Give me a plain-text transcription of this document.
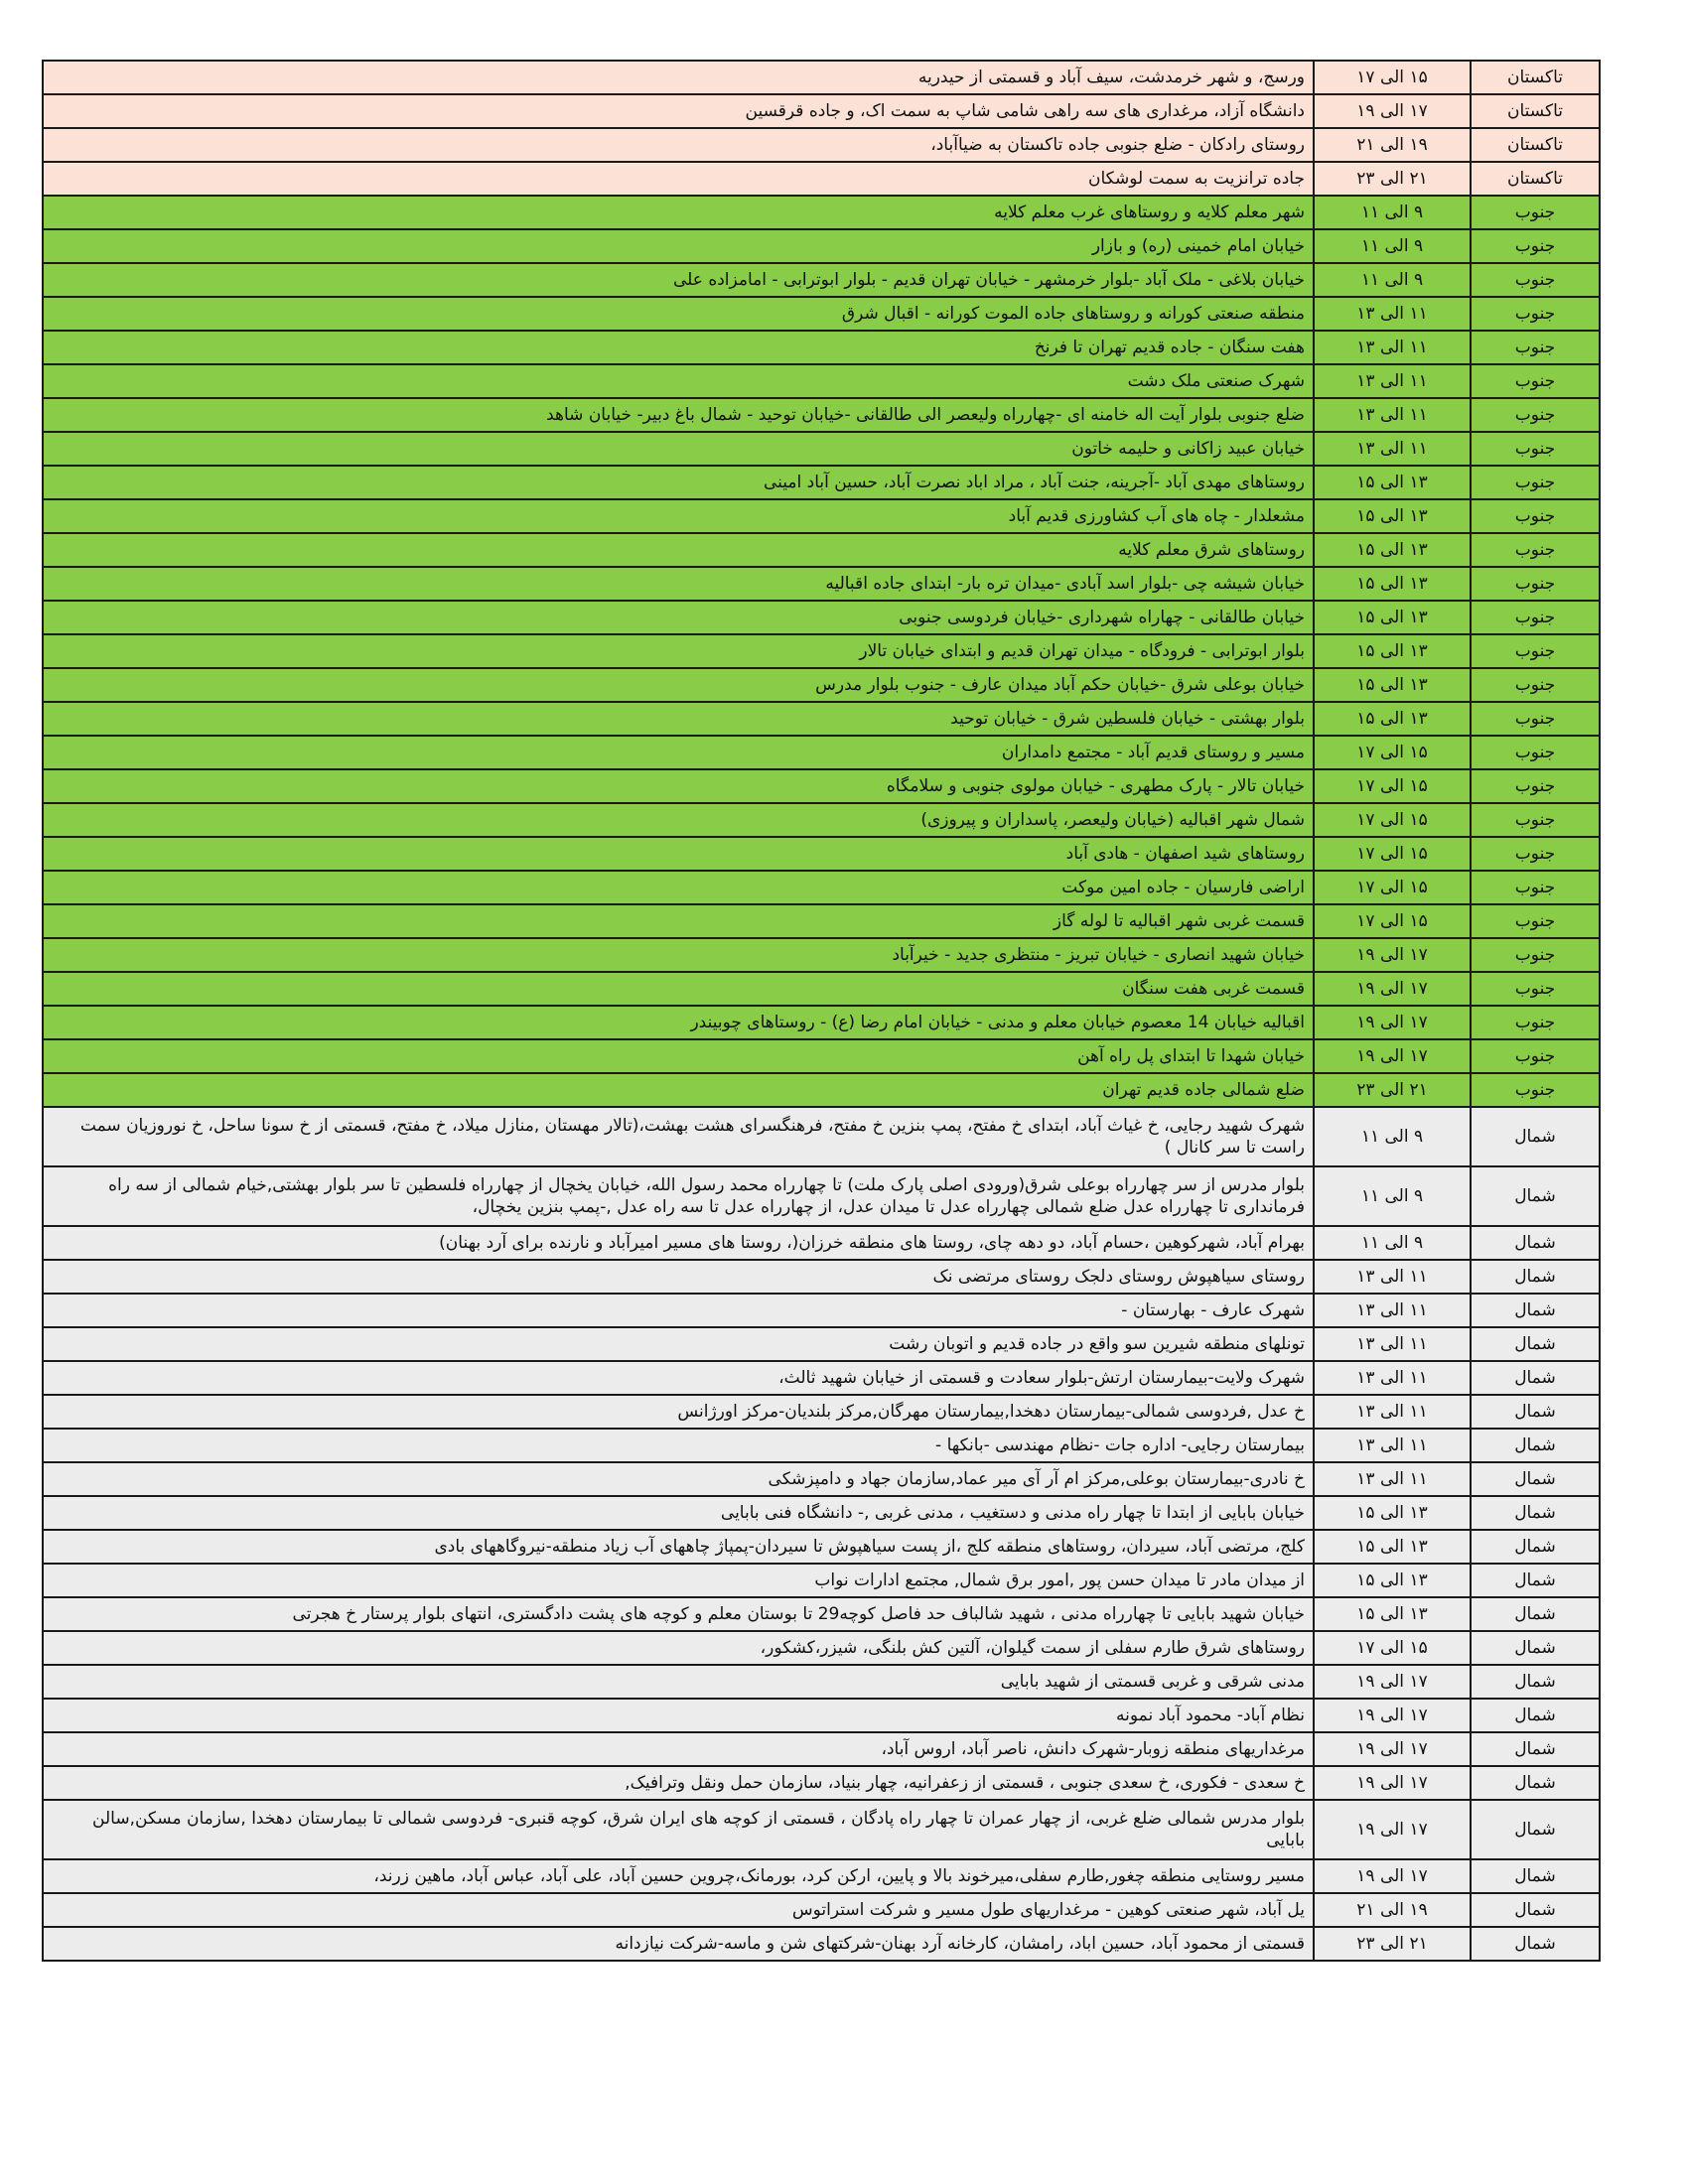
تاکستان	۱۵ الی ۱۷	ورسج، و شهر خرمدشت، سیف آباد و قسمتی از حیدریه
تاکستان	۱۷ الی ۱۹	دانشگاه آزاد، مرغداری های سه راهی شامی شاپ به سمت اک، و جاده قرقسین
تاکستان	۱۹ الی ۲۱	روستای رادکان - ضلع جنوبی جاده تاکستان به ضیاآباد،
تاکستان	۲۱ الی ۲۳	جاده ترانزیت به سمت لوشکان
جنوب	۹ الی ۱۱	شهر معلم کلایه و روستاهای غرب معلم کلایه
جنوب	۹ الی ۱۱	خیابان امام خمینی (ره) و بازار
جنوب	۹ الی ۱۱	خیابان بلاغی - ملک آباد -بلوار خرمشهر - خیابان تهران قدیم - بلوار ابوترابی - امامزاده علی
جنوب	۱۱ الی ۱۳	منطقه صنعتی کورانه و روستاهای جاده الموت کورانه - اقبال شرق
جنوب	۱۱ الی ۱۳	هفت سنگان - جاده قدیم تهران تا فرنخ
جنوب	۱۱ الی ۱۳	شهرک صنعتی ملک دشت
جنوب	۱۱ الی ۱۳	ضلع جنوبی بلوار آیت اله خامنه ای -چهارراه ولیعصر الی طالقانی -خیابان توحید - شمال باغ دبیر- خیابان شاهد
جنوب	۱۱ الی ۱۳	خیابان عبید زاکانی و حلیمه خاتون
جنوب	۱۳ الی ۱۵	روستاهای مهدی آباد -آجرینه، جنت آباد ، مراد اباد نصرت آباد، حسین آباد امینی
جنوب	۱۳ الی ۱۵	مشعلدار - چاه های آب کشاورزی قدیم آباد
جنوب	۱۳ الی ۱۵	روستاهای شرق معلم کلایه
جنوب	۱۳ الی ۱۵	خیابان شیشه چی -بلوار اسد آبادی -میدان تره بار- ابتدای جاده اقبالیه
جنوب	۱۳ الی ۱۵	خیابان طالقانی - چهاراه شهرداری -خیابان فردوسی جنوبی
جنوب	۱۳ الی ۱۵	بلوار ابوترابی - فرودگاه - میدان تهران قدیم و ابتدای خیابان تالار
جنوب	۱۳ الی ۱۵	خیابان بوعلی شرق -خیابان حکم آباد میدان عارف - جنوب بلوار مدرس
جنوب	۱۳ الی ۱۵	بلوار بهشتی - خیابان فلسطین شرق - خیابان توحید
جنوب	۱۵ الی ۱۷	مسیر و روستای قدیم آباد - مجتمع دامداران
جنوب	۱۵ الی ۱۷	خیابان تالار - پارک مطهری - خیابان مولوی جنوبی و سلامگاه
جنوب	۱۵ الی ۱۷	شمال شهر اقبالیه (خیابان ولیعصر، پاسداران و پیروزی)
جنوب	۱۵ الی ۱۷	روستاهای شید اصفهان - هادی آباد
جنوب	۱۵ الی ۱۷	اراضی فارسیان - جاده امین موکت
جنوب	۱۵ الی ۱۷	قسمت غربی شهر اقبالیه تا لوله گاز
جنوب	۱۷ الی ۱۹	خیابان شهید انصاری - خیابان تبریز - منتظری جدید - خیرآباد
جنوب	۱۷ الی ۱۹	قسمت غربی هفت سنگان
جنوب	۱۷ الی ۱۹	اقبالیه خیابان 14 معصوم خیابان معلم و مدنی - خیابان امام رضا (ع) - روستاهای چوبیندر
جنوب	۱۷ الی ۱۹	خیابان شهدا تا ابتدای پل راه آهن
جنوب	۲۱ الی ۲۳	ضلع شمالی جاده قدیم تهران
شمال	۹ الی ۱۱	شهرک شهید رجایی، خ غیاث آباد، ابتدای خ مفتح، پمپ بنزین خ مفتح، فرهنگسرای هشت بهشت،(تالار مهستان ,منازل میلاد، خ مفتح، قسمتی از خ سونا ساحل، خ نوروزیان سمت راست تا سر کانال )
شمال	۹ الی ۱۱	بلوار مدرس از سر چهارراه بوعلی شرق(ورودی اصلی پارک ملت) تا چهارراه محمد رسول الله، خیابان یخچال از چهارراه فلسطین تا سر بلوار بهشتی,خیام شمالی از سه راه فرمانداری تا چهارراه عدل ضلع شمالی چهارراه عدل تا میدان عدل، از چهارراه عدل تا سه راه عدل ,-پمپ بنزین یخچال،
شمال	۹ الی ۱۱	بهرام آباد، شهرکوهین ،حسام آباد، دو دهه چای، روستا های منطقه خرزان(، روستا های مسیر امیرآباد و نارنده برای آرد بهنان)
شمال	۱۱ الی ۱۳	روستای سیاهپوش روستای دلجک روستای مرتضی نک
شمال	۱۱ الی ۱۳	شهرک عارف - بهارستان -
شمال	۱۱ الی ۱۳	تونلهای منطقه شیرین سو واقع در جاده قدیم و اتوبان رشت
شمال	۱۱ الی ۱۳	شهرک ولایت-بیمارستان ارتش-بلوار سعادت و قسمتی از خیابان شهید ثالث،
شمال	۱۱ الی ۱۳	خ عدل ,فردوسی شمالی-بیمارستان دهخدا,بیمارستان مهرگان,مرکز بلندیان-مرکز اورژانس
شمال	۱۱ الی ۱۳	بیمارستان رجایی- اداره جات -نظام مهندسی -بانکها -
شمال	۱۱ الی ۱۳	خ نادری-بیمارستان بوعلی,مرکز ام آر آی میر عماد,سازمان جهاد و دامپزشکی
شمال	۱۳ الی ۱۵	خیابان بابایی از ابتدا تا چهار راه مدنی و دستغیب ، مدنی غربی ,- دانشگاه فنی بابایی
شمال	۱۳ الی ۱۵	کلج، مرتضی آباد، سیردان، روستاهای منطقه کلج ،از پست سیاهپوش تا سیردان-پمپاژ چاههای آب زیاد منطقه-نیروگاههای بادی
شمال	۱۳ الی ۱۵	از میدان مادر تا میدان حسن پور ,امور برق شمال, مجتمع ادارات نواب
شمال	۱۳ الی ۱۵	خیابان شهید بابایی تا چهارراه مدنی ، شهید شالباف حد فاصل کوچه29 تا بوستان معلم و کوچه های پشت دادگستری، انتهای بلوار پرستار خ هجرتی
شمال	۱۵ الی ۱۷	روستاهای شرق طارم سفلی از سمت گیلوان، آلتین کش بلنگی، شیزر،کشکور،
شمال	۱۷ الی ۱۹	مدنی شرقی و غربی قسمتی از شهید بابایی
شمال	۱۷ الی ۱۹	نظام آباد- محمود آباد نمونه
شمال	۱۷ الی ۱۹	مرغداریهای منطقه زوبار-شهرک دانش، ناصر آباد، اروس آباد،
شمال	۱۷ الی ۱۹	خ سعدی - فکوری، خ سعدی جنوبی ، قسمتی از زعفرانیه، چهار بنیاد، سازمان حمل ونقل وترافیک,
شمال	۱۷ الی ۱۹	بلوار مدرس شمالی ضلع غربی، از چهار عمران تا چهار راه پادگان ، قسمتی از کوچه های ایران شرق، کوچه قنبری- فردوسی شمالی تا بیمارستان دهخدا ,سازمان مسکن,سالن بابایی
شمال	۱۷ الی ۱۹	مسیر روستایی منطقه چغور,طارم سفلی،میرخوند بالا و پایین، ارکن کرد، بورمانک،چروین حسین آباد، علی آباد، عباس آباد، ماهین زرند،
شمال	۱۹ الی ۲۱	یل آباد، شهر صنعتی کوهین - مرغداریهای طول مسیر و شرکت استراتوس
شمال	۲۱ الی ۲۳	قسمتی از محمود آباد، حسین اباد، رامشان، کارخانه آرد بهنان-شرکتهای شن و ماسه-شرکت نیازدانه
